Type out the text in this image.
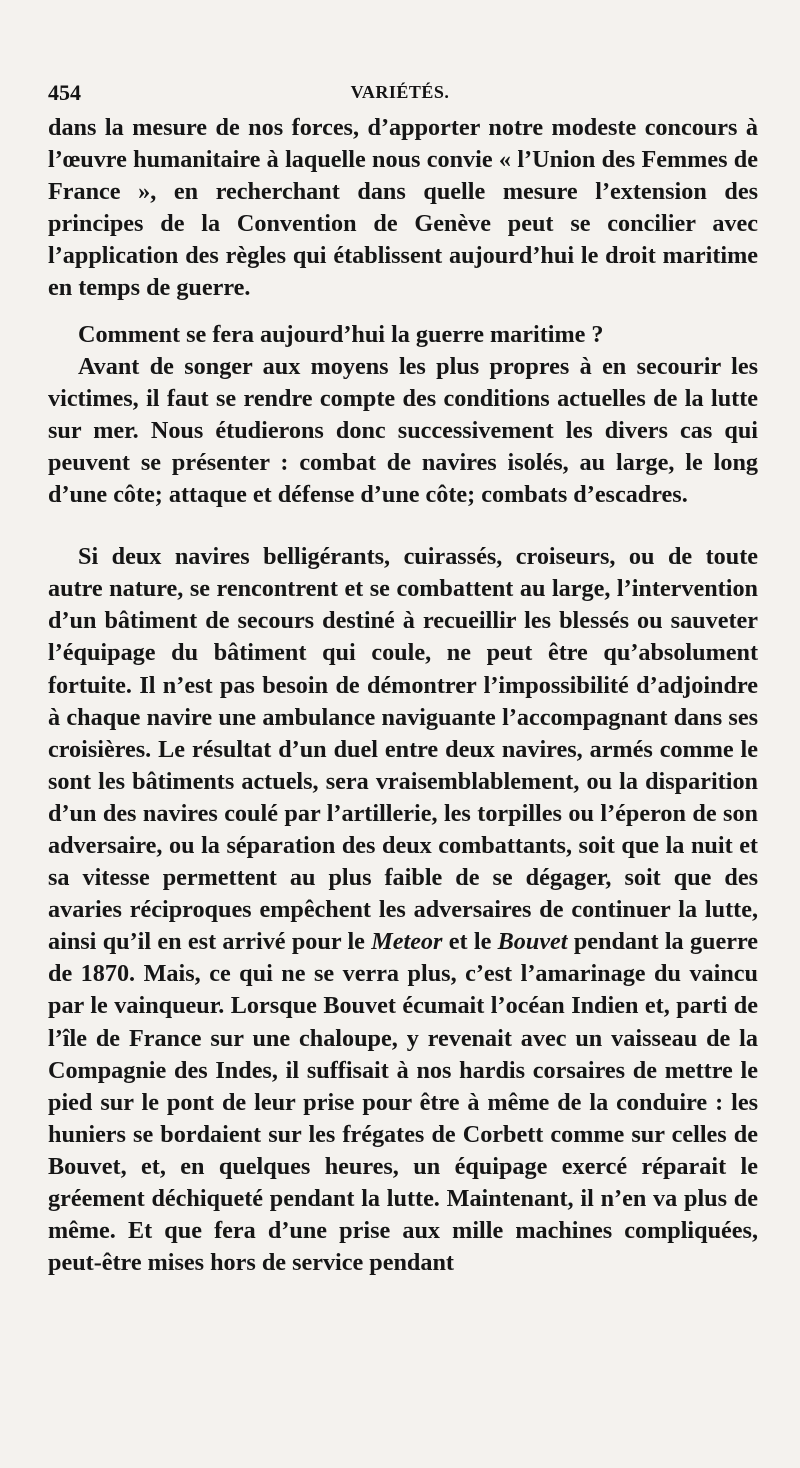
454	VARIÉTÉS.

dans la mesure de nos forces, d’apporter notre modeste concours à l’œuvre humanitaire à laquelle nous convie « l’Union des Femmes de France », en recherchant dans quelle mesure l’extension des principes de la Convention de Genève peut se concilier avec l’application des règles qui établissent aujourd’hui le droit maritime en temps de guerre.

Comment se fera aujourd’hui la guerre maritime ?

Avant de songer aux moyens les plus propres à en secourir les victimes, il faut se rendre compte des conditions actuelles de la lutte sur mer. Nous étudierons donc successivement les divers cas qui peuvent se présenter : combat de navires isolés, au large, le long d’une côte; attaque et défense d’une côte; combats d’escadres.

Si deux navires belligérants, cuirassés, croiseurs, ou de toute autre nature, se rencontrent et se combattent au large, l’intervention d’un bâtiment de secours destiné à recueillir les blessés ou sauveter l’équipage du bâtiment qui coule, ne peut être qu’absolument fortuite. Il n’est pas besoin de démontrer l’impossibilité d’adjoindre à chaque navire une ambulance naviguante l’accompagnant dans ses croisières. Le résultat d’un duel entre deux navires, armés comme le sont les bâtiments actuels, sera vraisemblablement, ou la disparition d’un des navires coulé par l’artillerie, les torpilles ou l’éperon de son adversaire, ou la séparation des deux combattants, soit que la nuit et sa vitesse permettent au plus faible de se dégager, soit que des avaries réciproques empêchent les adversaires de continuer la lutte, ainsi qu’il en est arrivé pour le Meteor et le Bouvet pendant la guerre de 1870. Mais, ce qui ne se verra plus, c’est l’amarinage du vaincu par le vainqueur. Lorsque Bouvet écumait l’océan Indien et, parti de l’île de France sur une chaloupe, y revenait avec un vaisseau de la Compagnie des Indes, il suffisait à nos hardis corsaires de mettre le pied sur le pont de leur prise pour être à même de la conduire : les huniers se bordaient sur les frégates de Corbett comme sur celles de Bouvet, et, en quelques heures, un équipage exercé réparait le gréement déchiqueté pendant la lutte. Maintenant, il n’en va plus de même. Et que fera d’une prise aux mille machines compliquées, peut-être mises hors de service pendant
